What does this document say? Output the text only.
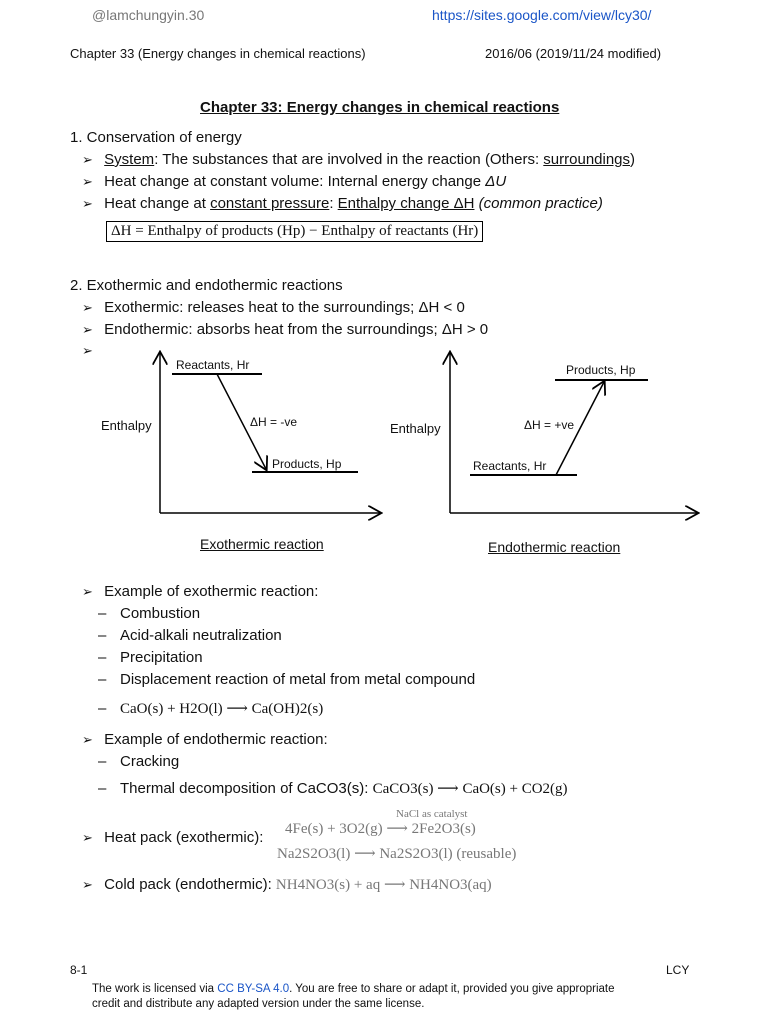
@lamchungyin.30	https://sites.google.com/view/lcy30/
Chapter 33 (Energy changes in chemical reactions)	2016/06 (2019/11/24 modified)
Chapter 33: Energy changes in chemical reactions
1. Conservation of energy
➢ System: The substances that are involved in the reaction (Others: surroundings)
➢ Heat change at constant volume: Internal energy change ΔU
➢ Heat change at constant pressure: Enthalpy change ΔH (common practice)
ΔH = Enthalpy of products (Hp) − Enthalpy of reactants (Hr)
2. Exothermic and endothermic reactions
➢ Exothermic: releases heat to the surroundings; ΔH < 0
➢ Endothermic: absorbs heat from the surroundings; ΔH > 0
➢
Reactants, Hr
Enthalpy	ΔH = -ve
Products, Hp
Exothermic reaction
Products, Hp
Enthalpy	ΔH = +ve
Reactants, Hr
Endothermic reaction
➢ Example of exothermic reaction:
– Combustion
– Acid-alkali neutralization
– Precipitation
– Displacement reaction of metal from metal compound
– CaO(s) + H2O(l) ⟶ Ca(OH)2(s)
➢ Example of endothermic reaction:
– Cracking
– Thermal decomposition of CaCO3(s): CaCO3(s) ⟶ CaO(s) + CO2(g)
➢ Heat pack (exothermic):
NaCl as catalyst
4Fe(s) + 3O2(g) ⟶ 2Fe2O3(s)
Na2S2O3(l) ⟶ Na2S2O3(l) (reusable)
➢ Cold pack (endothermic): NH4NO3(s) + aq ⟶ NH4NO3(aq)
8-1	LCY
The work is licensed via CC BY-SA 4.0. You are free to share or adapt it, provided you give appropriate
credit and distribute any adapted version under the same license.
